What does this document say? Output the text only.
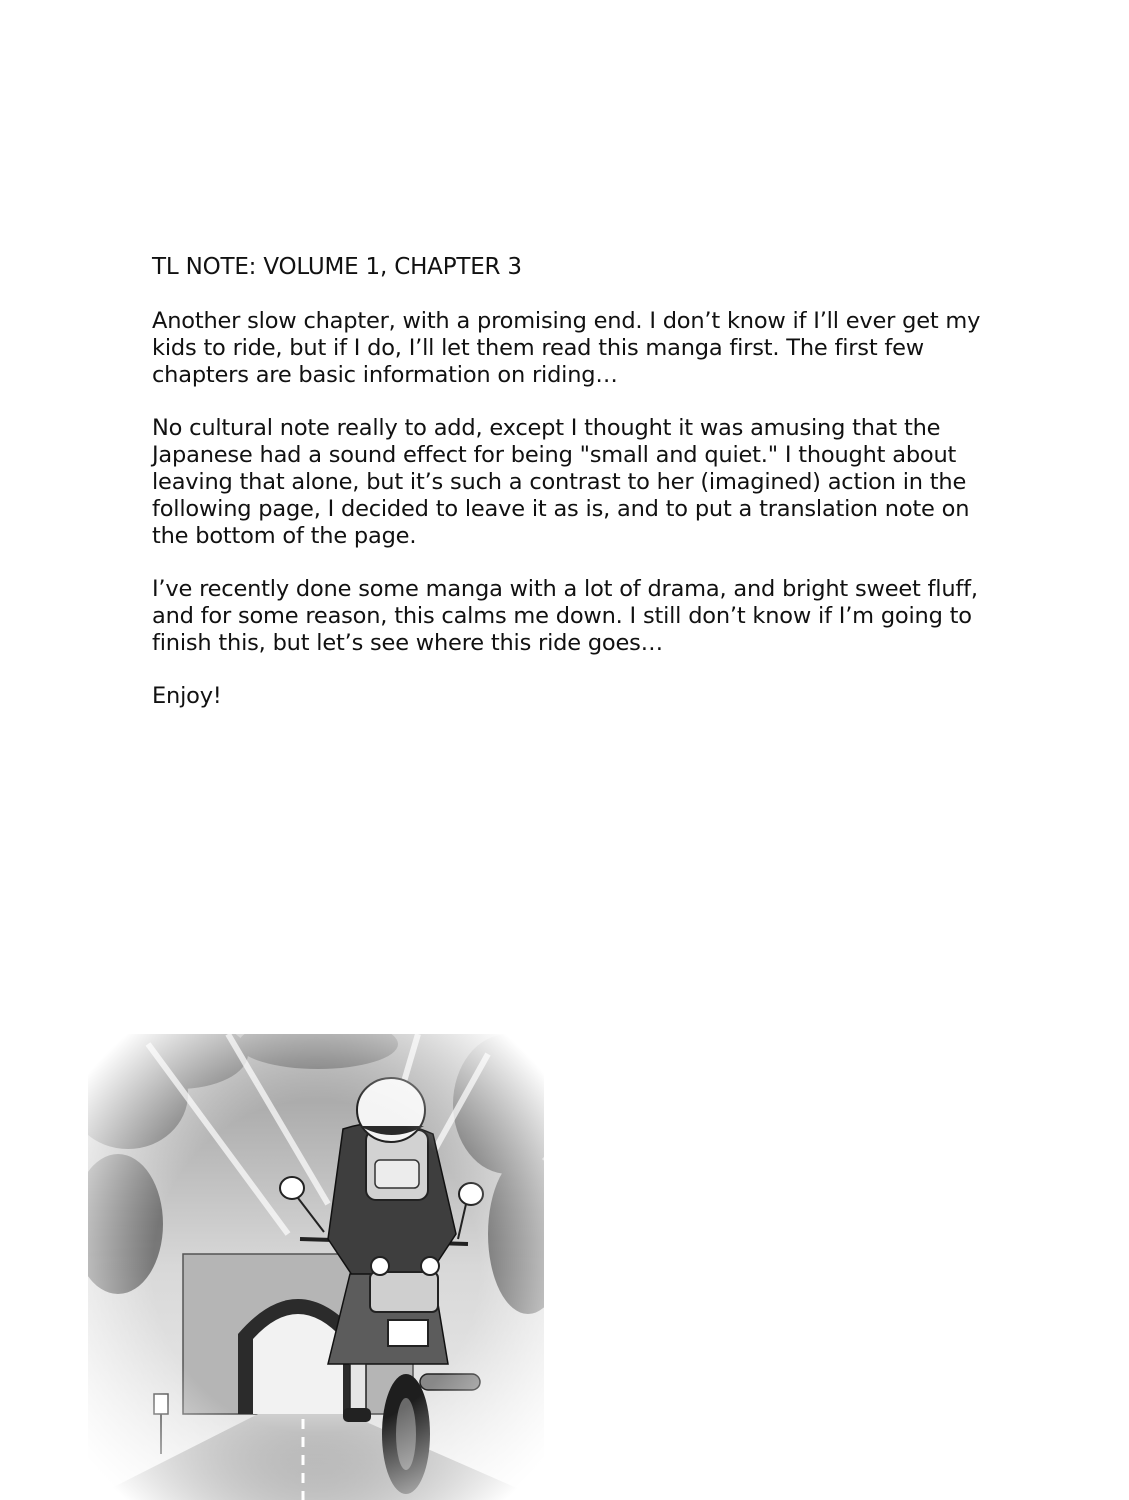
TL NOTE: VOLUME 1, CHAPTER 3

Another slow chapter, with a promising end. I don’t know if I’ll ever get my kids to ride, but if I do, I’ll let them read this manga first. The first few chapters are basic information on riding…

No cultural note really to add, except I thought it was amusing that the Japanese had a sound effect for being "small and quiet." I thought about leaving that alone, but it’s such a contrast to her (imagined) action in the following page, I decided to leave it as is, and to put a translation note on the bottom of the page.

I’ve recently done some manga with a lot of drama, and bright sweet fluff, and for some reason, this calms me down. I still don’t know if I’m going to finish this, but let’s see where this ride goes…

Enjoy!
